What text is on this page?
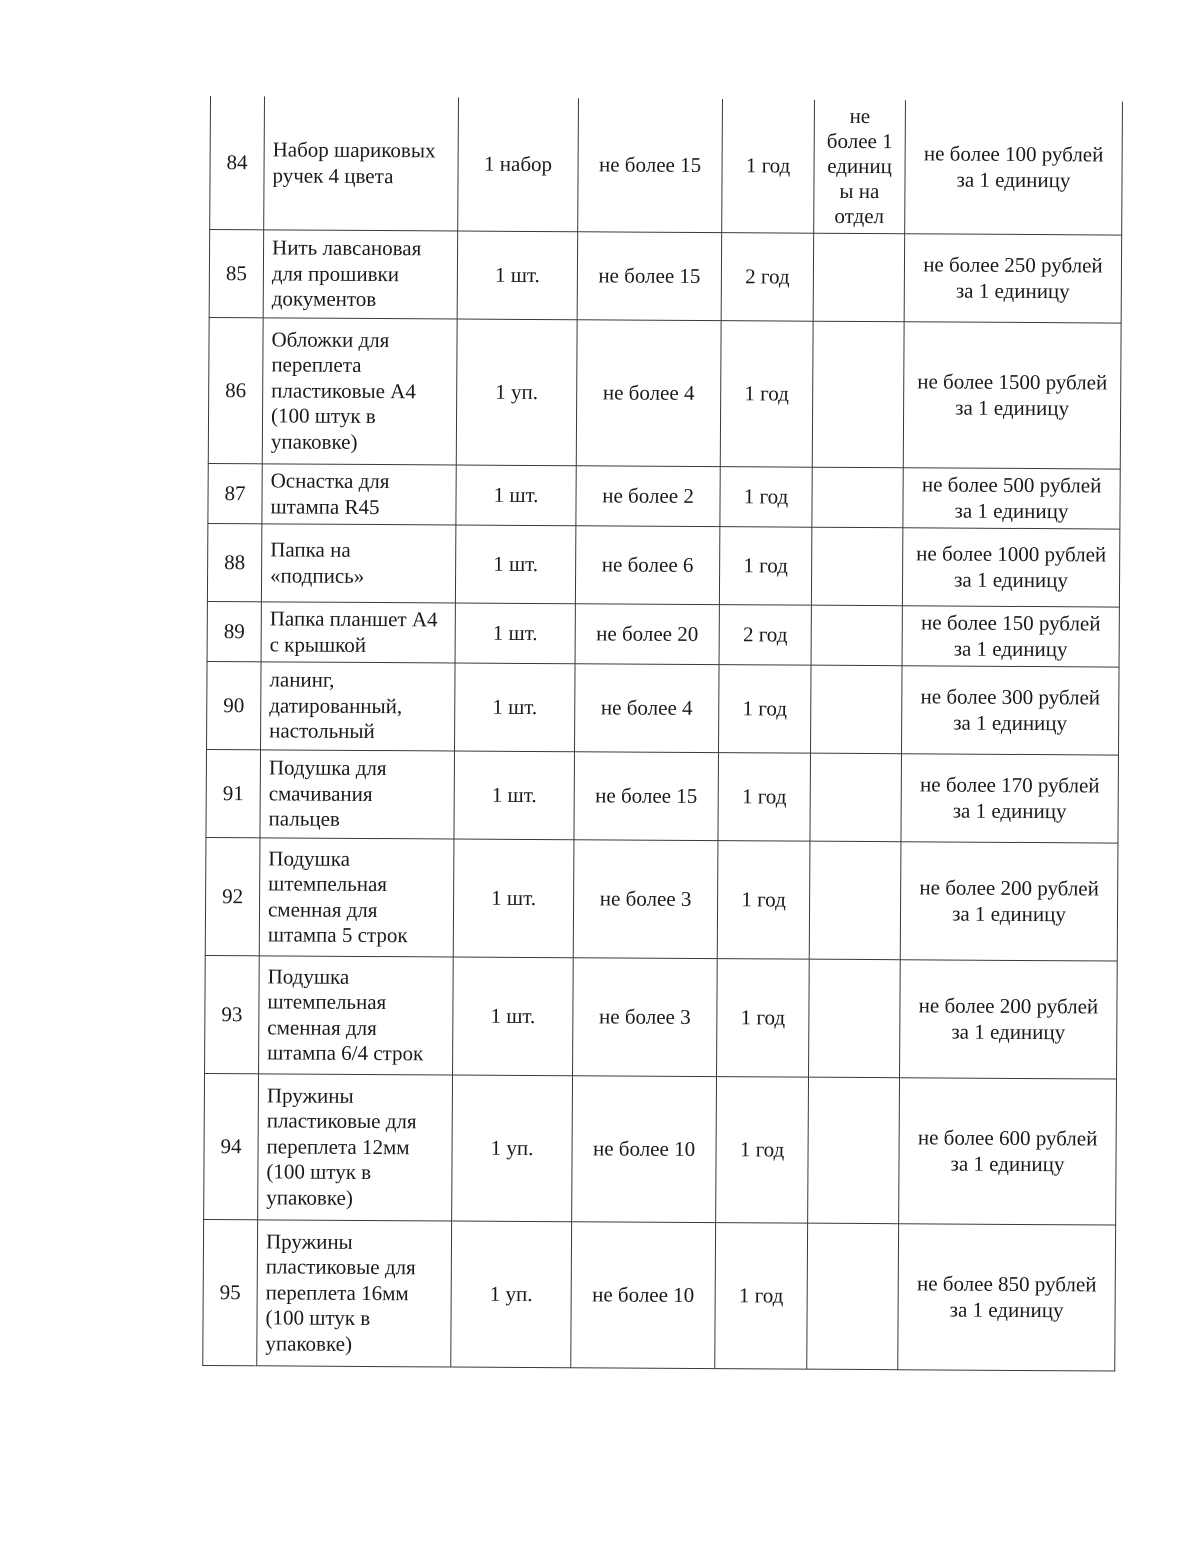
84	Набор шариковых ручек 4 цвета	1 набор	не более 15	1 год	не более 1 единицы на отдел	не более 100 рублей за 1 единицу
85	Нить лавсановая для прошивки документов	1 шт.	не более 15	2 год		не более 250 рублей за 1 единицу
86	Обложки для переплета пластиковые А4 (100 штук в упаковке)	1 уп.	не более 4	1 год		не более 1500 рублей за 1 единицу
87	Оснастка для штампа R45	1 шт.	не более 2	1 год		не более 500 рублей за 1 единицу
88	Папка на «подпись»	1 шт.	не более 6	1 год		не более 1000 рублей за 1 единицу
89	Папка планшет А4 с крышкой	1 шт.	не более 20	2 год		не более 150 рублей за 1 единицу
90	ланинг, датированный, настольный	1 шт.	не более 4	1 год		не более 300 рублей за 1 единицу
91	Подушка для смачивания пальцев	1 шт.	не более 15	1 год		не более 170 рублей за 1 единицу
92	Подушка штемпельная сменная для штампа 5 строк	1 шт.	не более 3	1 год		не более 200 рублей за 1 единицу
93	Подушка штемпельная сменная для штампа 6/4 строк	1 шт.	не более 3	1 год		не более 200 рублей за 1 единицу
94	Пружины пластиковые для переплета 12мм (100 штук в упаковке)	1 уп.	не более 10	1 год		не более 600 рублей за 1 единицу
95	Пружины пластиковые для переплета 16мм (100 штук в упаковке)	1 уп.	не более 10	1 год		не более 850 рублей за 1 единицу
